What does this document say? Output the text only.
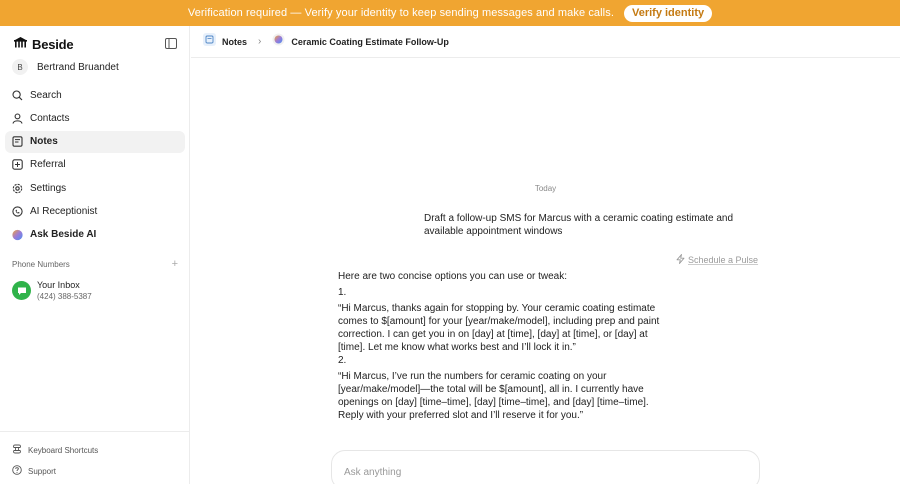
Verification required — Verify your identity to keep sending messages and make calls.	Verify identity
Beside
B	Bertrand Bruandet
Search
Contacts
Notes
Referral
Settings
AI Receptionist
Ask Beside AI
Phone Numbers	+
Your Inbox
(424) 388-5387
Keyboard Shortcuts
Support
Notes ›	Ceramic Coating Estimate Follow-Up
Today
Draft a follow-up SMS for Marcus with a ceramic coating estimate and available appointment windows
Schedule a Pulse

Here are two concise options you can use or tweak:

1.

“Hi Marcus, thanks again for stopping by. Your ceramic coating estimate comes to $[amount] for your [year/make/model], including prep and paint correction. I can get you in on [day] at [time], [day] at [time], or [day] at [time]. Let me know what works best and I’ll lock it in.”

2.

“Hi Marcus, I’ve run the numbers for ceramic coating on your [year/make/model]—the total will be $[amount], all in. I currently have openings on [day] [time–time], [day] [time–time], and [day] [time–time]. Reply with your preferred slot and I’ll reserve it for you.”

Ask anything
